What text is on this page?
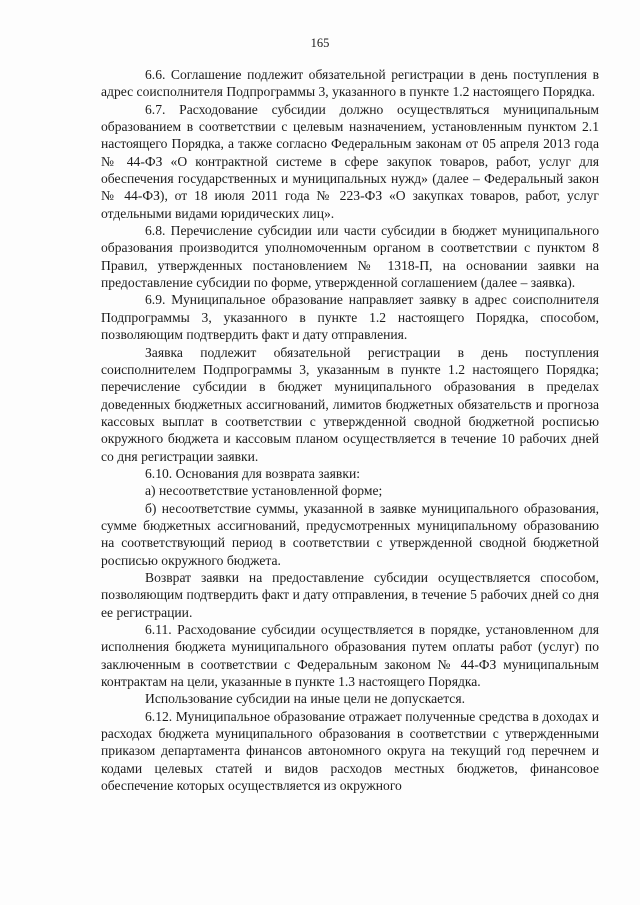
165

6.6. Соглашение подлежит обязательной регистрации в день поступления в адрес соисполнителя Подпрограммы 3, указанного в пункте 1.2 настоящего Порядка.

6.7. Расходование субсидии должно осуществляться муниципальным образованием в соответствии с целевым назначением, установленным пунктом 2.1 настоящего Порядка, а также согласно Федеральным законам от 05 апреля 2013 года № 44-ФЗ «О контрактной системе в сфере закупок товаров, работ, услуг для обеспечения государственных и муниципальных нужд» (далее – Федеральный закон № 44-ФЗ), от 18 июля 2011 года № 223-ФЗ «О закупках товаров, работ, услуг отдельными видами юридических лиц».

6.8. Перечисление субсидии или части субсидии в бюджет муниципального образования производится уполномоченным органом в соответствии с пунктом 8 Правил, утвержденных постановлением № 1318-П, на основании заявки на предоставление субсидии по форме, утвержденной соглашением (далее – заявка).

6.9. Муниципальное образование направляет заявку в адрес соисполнителя Подпрограммы 3, указанного в пункте 1.2 настоящего Порядка, способом, позволяющим подтвердить факт и дату отправления.

Заявка подлежит обязательной регистрации в день поступления соисполнителем Подпрограммы 3, указанным в пункте 1.2 настоящего Порядка; перечисление субсидии в бюджет муниципального образования в пределах доведенных бюджетных ассигнований, лимитов бюджетных обязательств и прогноза кассовых выплат в соответствии с утвержденной сводной бюджетной росписью окружного бюджета и кассовым планом осуществляется в течение 10 рабочих дней со дня регистрации заявки.

6.10. Основания для возврата заявки:

а) несоответствие установленной форме;

б) несоответствие суммы, указанной в заявке муниципального образования, сумме бюджетных ассигнований, предусмотренных муниципальному образованию на соответствующий период в соответствии с утвержденной сводной бюджетной росписью окружного бюджета.

Возврат заявки на предоставление субсидии осуществляется способом, позволяющим подтвердить факт и дату отправления, в течение 5 рабочих дней со дня ее регистрации.

6.11. Расходование субсидии осуществляется в порядке, установленном для исполнения бюджета муниципального образования путем оплаты работ (услуг) по заключенным в соответствии с Федеральным законом № 44-ФЗ муниципальным контрактам на цели, указанные в пункте 1.3 настоящего Порядка.

Использование субсидии на иные цели не допускается.

6.12. Муниципальное образование отражает полученные средства в доходах и расходах бюджета муниципального образования в соответствии с утвержденными приказом департамента финансов автономного округа на текущий год перечнем и кодами целевых статей и видов расходов местных бюджетов, финансовое обеспечение которых осуществляется из окружного
